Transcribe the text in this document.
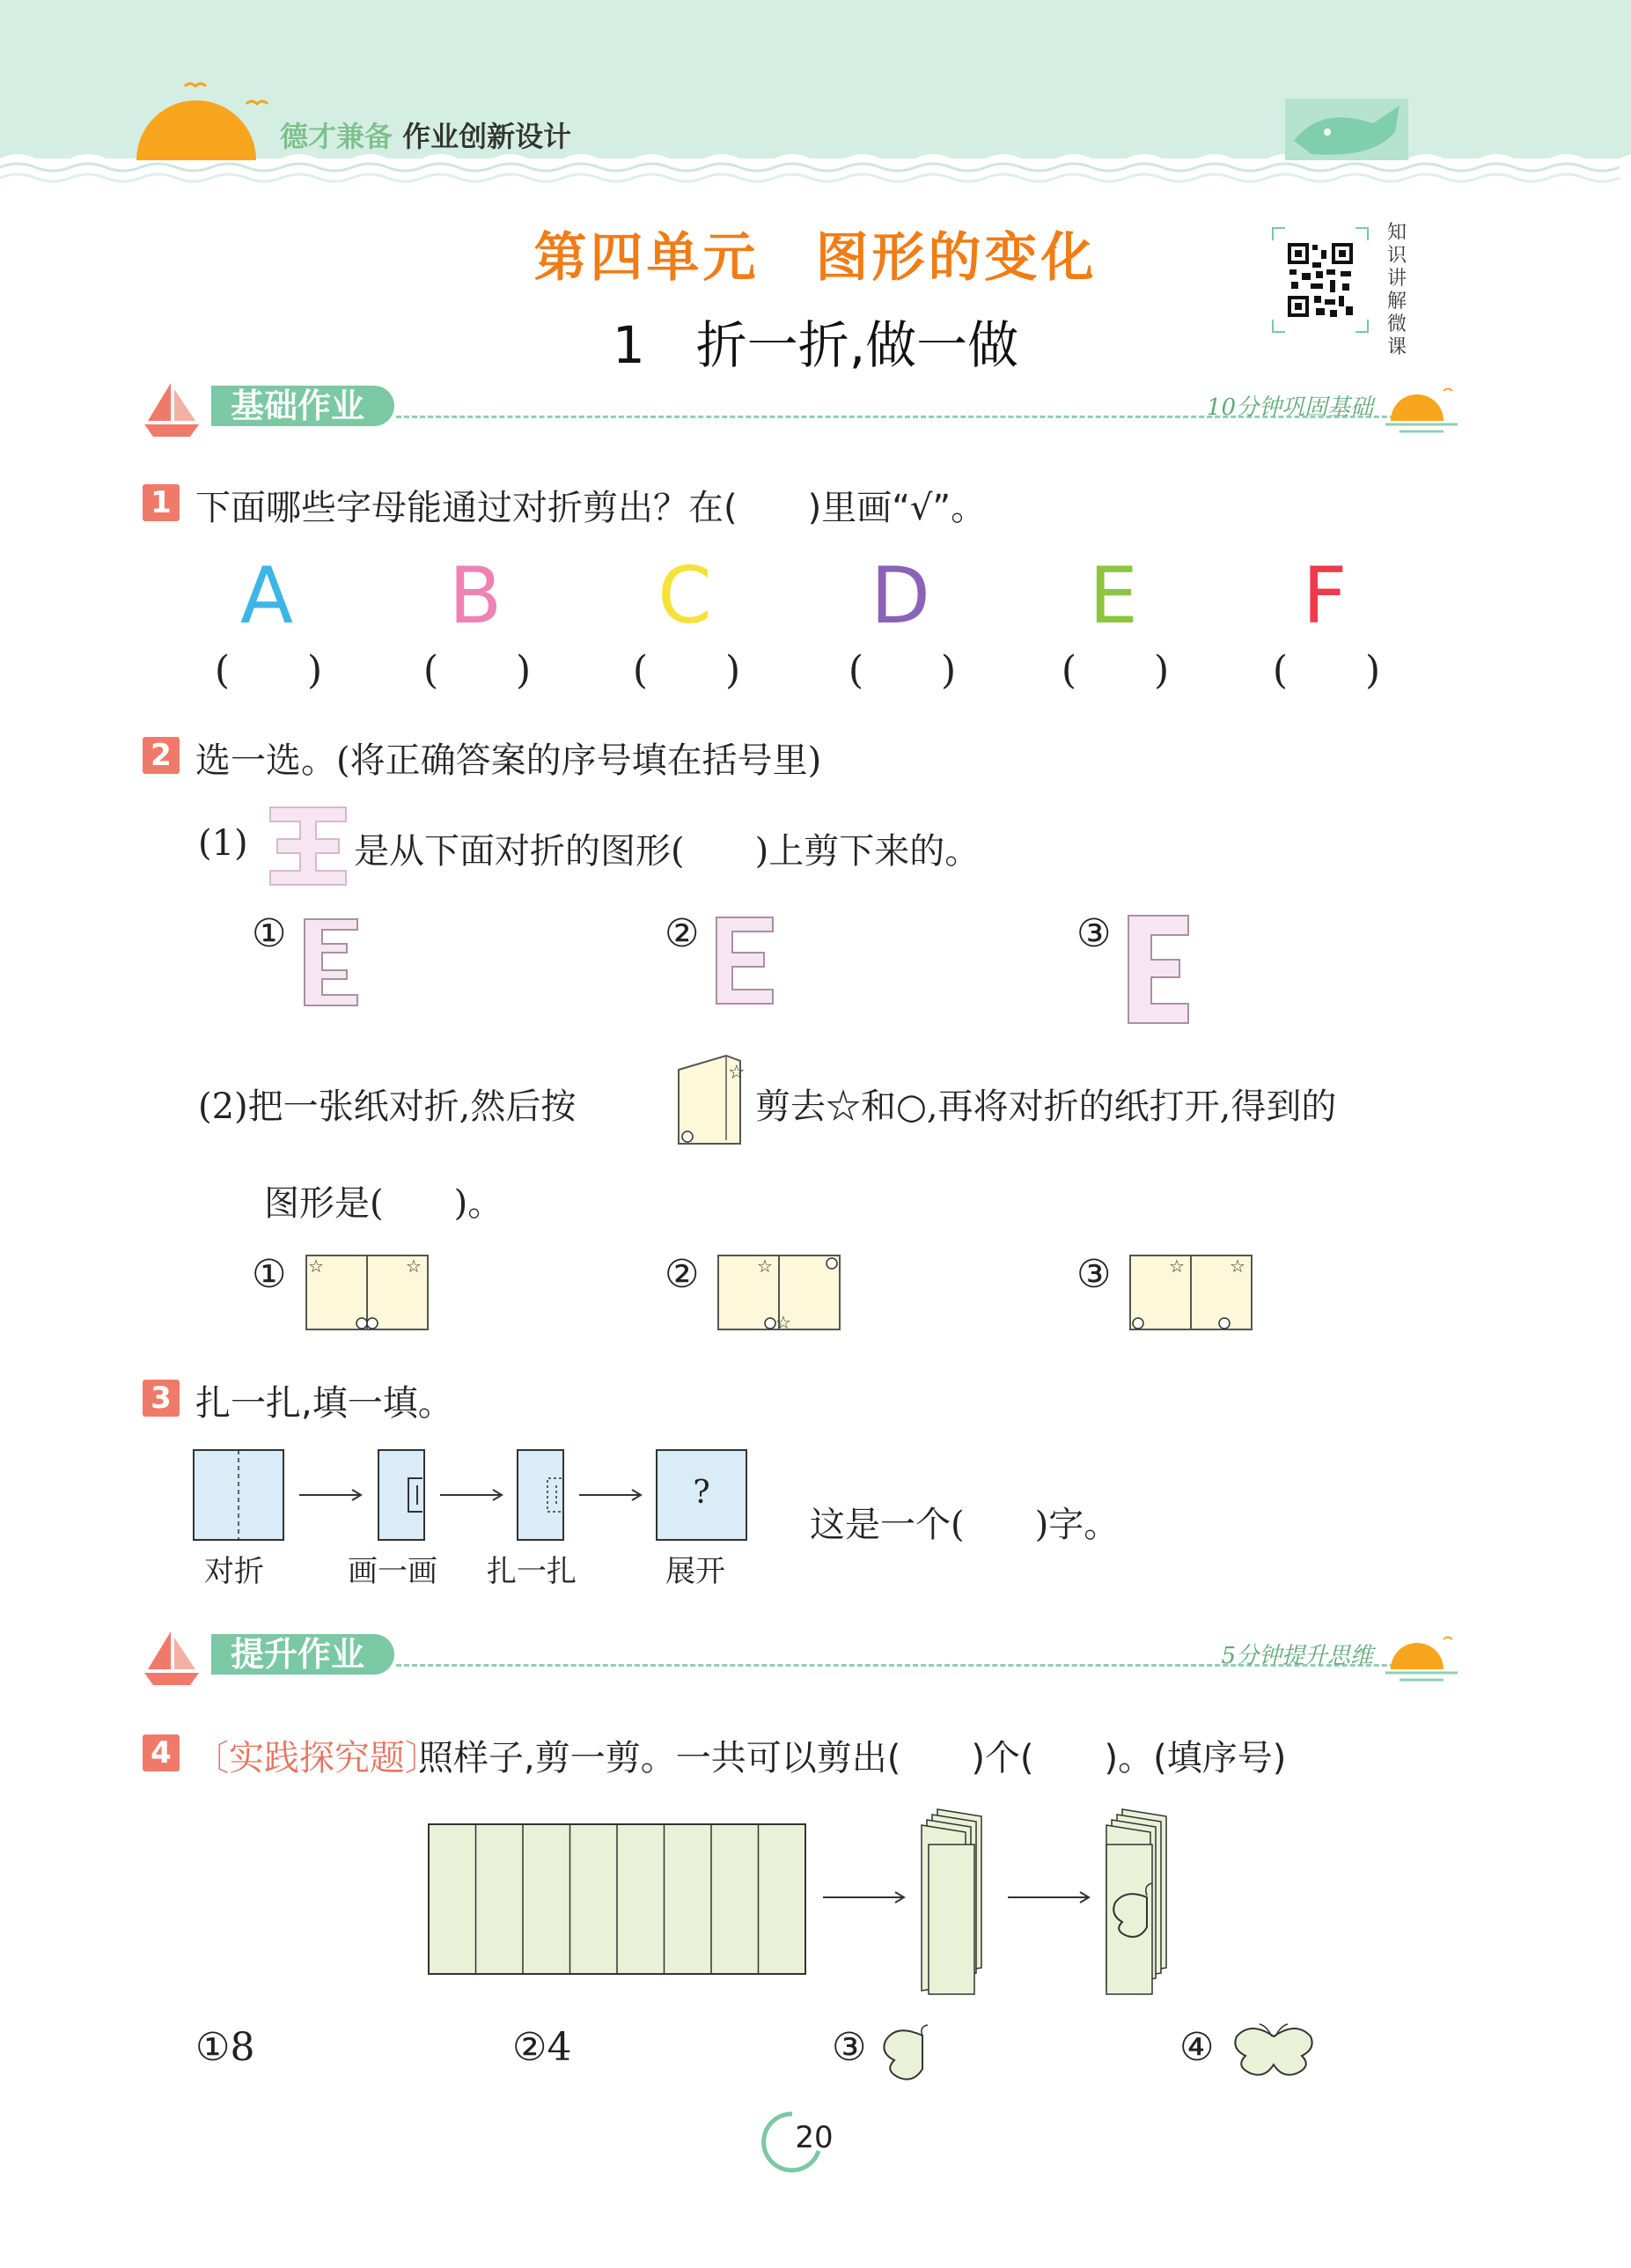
德才兼备 作业创新设计
第四单元　图形的变化
1　折一折,做一做
知识讲解微课
基础作业	10分钟巩固基础
1 下面哪些字母能通过对折剪出？在(　　)里画“√”。
A	B	C	D	E	F
(　　)	(　　)	(　　)	(　　)	(　　)	(　　)
2 选一选。(将正确答案的序号填在括号里)
(1)	是从下面对折的图形(　　)上剪下来的。
①	②	③
(2)把一张纸对折,然后按
☆
剪去☆和○,再将对折的纸打开,得到的
图形是(　　)。
① ☆	☆	②	☆
☆
③	☆	☆
3 扎一扎,填一填。
?
对折	画一画 扎一扎	展开
这是一个(　　)字。
提升作业	5分钟提升思维
4 〔实践探究题〕
照样子,剪一剪。一共可以剪出(　　)个(　　)。(填序号)
①8	②4	③	④
20
